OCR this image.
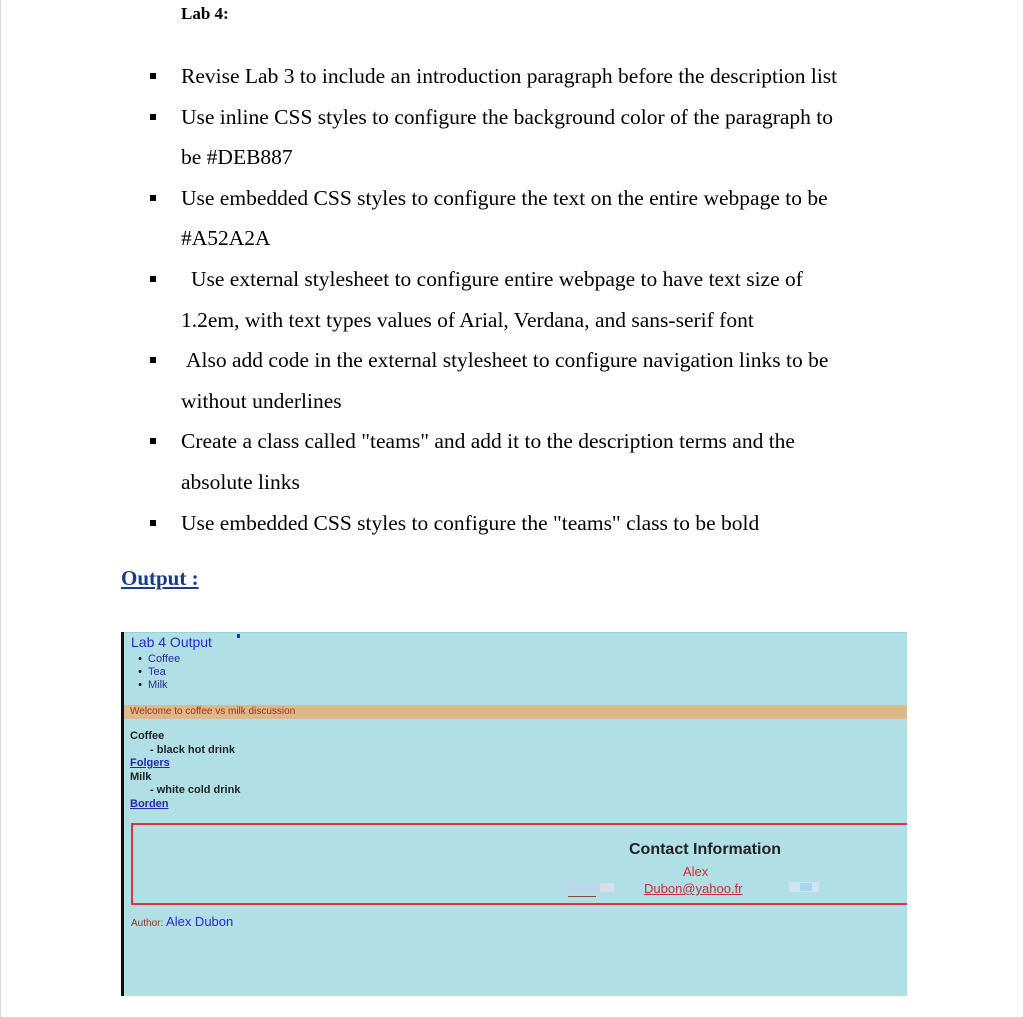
Lab 4:
Revise Lab 3 to include an introduction paragraph before the description list
Use inline CSS styles to configure the background color of the paragraph to
be #DEB887
Use embedded CSS styles to configure the text on the entire webpage to be
#A52A2A
Use external stylesheet to configure entire webpage to have text size of
1.2em, with text types values of Arial, Verdana, and sans-serif font
Also add code in the external stylesheet to configure navigation links to be
without underlines
Create a class called "teams" and add it to the description terms and the
absolute links
Use embedded CSS styles to configure the "teams" class to be bold
Output :
Lab 4 Output
• Coffee
• Tea
• Milk
Welcome to coffee vs milk discussion
Coffee
- black hot drink
Folgers
Milk
- white cold drink
Borden
Contact Information
Alex
Dubon@yahoo.fr
Author: Alex Dubon
